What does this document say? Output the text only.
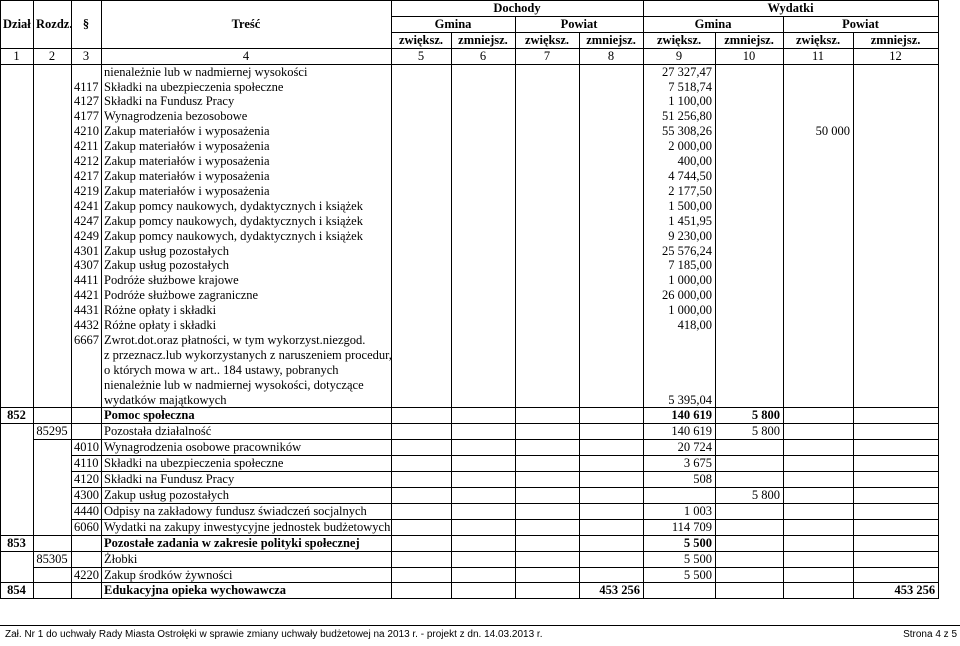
				Dochody				Wydatki			
Dział	Rozdz.	§	Treść	Gmina		Powiat		Gmina		Powiat	
				zwiększ.	zmniejsz.	zwiększ.	zmniejsz.	zwiększ.	zmniejsz.	zwiększ.	zmniejsz.
1	2	3	4	5	6	7	8	9	10	11	12
			nienależnie lub w nadmiernej wysokości					27 327,47			
		4117	Składki na ubezpieczenia społeczne					7 518,74			
		4127	Składki na Fundusz Pracy					1 100,00			
		4177	Wynagrodzenia bezosobowe					51 256,80			
		4210	Zakup materiałów i wyposażenia					55 308,26		50 000	
		4211	Zakup materiałów i wyposażenia					2 000,00			
		4212	Zakup materiałów i wyposażenia					400,00			
		4217	Zakup materiałów i wyposażenia					4 744,50			
		4219	Zakup materiałów i wyposażenia					2 177,50			
		4241	Zakup pomcy naukowych, dydaktycznych i książek					1 500,00			
		4247	Zakup pomcy naukowych, dydaktycznych i książek					1 451,95			
		4249	Zakup pomcy naukowych, dydaktycznych i książek					9 230,00			
		4301	Zakup usług pozostałych					25 576,24			
		4307	Zakup usług pozostałych					7 185,00			
		4411	Podróże służbowe krajowe					1 000,00			
		4421	Podróże służbowe zagraniczne					26 000,00			
		4431	Różne opłaty i składki					1 000,00			
		4432	Różne opłaty i składki					418,00			
		6667	Zwrot.dot.oraz płatności, w tym wykorzyst.niezgod.								
			z przeznacz.lub wykorzystanych z naruszeniem procedur,								
			o których mowa w art.. 184 ustawy, pobranych								
			nienależnie lub w nadmiernej wysokości, dotyczące								
			wydatków majątkowych					5 395,04			
852			Pomoc społeczna					140 619	5 800		
	85295		Pozostała działalność					140 619	5 800		
		4010	Wynagrodzenia osobowe pracowników					20 724			
		4110	Składki na ubezpieczenia społeczne					3 675			
		4120	Składki na Fundusz Pracy					508			
		4300	Zakup usług pozostałych						5 800		
		4440	Odpisy na zakładowy fundusz świadczeń socjalnych					1 003			
		6060	Wydatki na zakupy inwestycyjne jednostek budżetowych					114 709			
853			Pozostałe zadania w zakresie polityki społecznej					5 500			
	85305		Żłobki					5 500			
		4220	Zakup środków żywności					5 500			
854			Edukacyjna opieka wychowawcza				453 256				453 256
Zał. Nr 1 do uchwały Rady Miasta Ostrołęki w sprawie zmiany uchwały budżetowej na 2013 r. - projekt z dn. 14.03.2013 r.	Strona 4 z 5
